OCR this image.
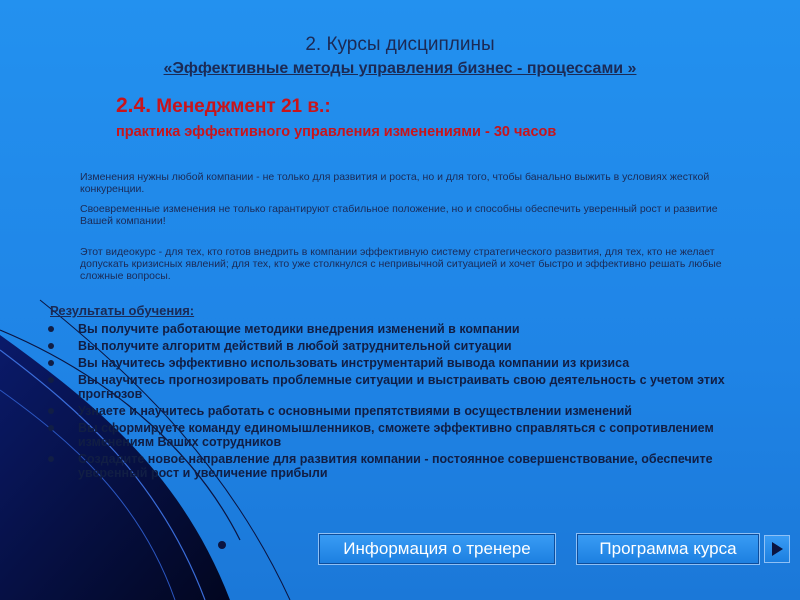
2. Курсы дисциплины
«Эффективные методы управления бизнес - процессами »
2.4. Менеджмент 21 в.:
практика эффективного управления изменениями - 30 часов
Изменения нужны любой компании - не только для развития и роста, но и для того, чтобы банально выжить в условиях жесткой конкуренции.
Своевременные изменения не только гарантируют стабильное положение, но и способны обеспечить уверенный рост и развитие Вашей компании!
Этот видеокурс - для тех, кто готов внедрить в компании эффективную систему стратегического развития, для тех, кто не желает допускать кризисных явлений; для тех, кто уже столкнулся с непривычной ситуацией и хочет быстро и эффективно решать любые сложные вопросы.
Результаты обучения:
Вы получите работающие методики внедрения изменений в компании
Вы получите алгоритм действий в любой затруднительной ситуации
Вы научитесь эффективно использовать инструментарий вывода компании из кризиса
Вы научитесь прогнозировать проблемные ситуации и выстраивать свою деятельность с учетом этих прогнозов
Узнаете и научитесь работать с основными препятствиями в осуществлении изменений
Вы сформируете команду единомышленников, сможете эффективно справляться с сопротивлением изменениям Ваших сотрудников
Создадите новое направление для развития компании - постоянное совершенствование, обеспечите уверенный рост и увеличение прибыли
Информация о тренере	Программа курса
